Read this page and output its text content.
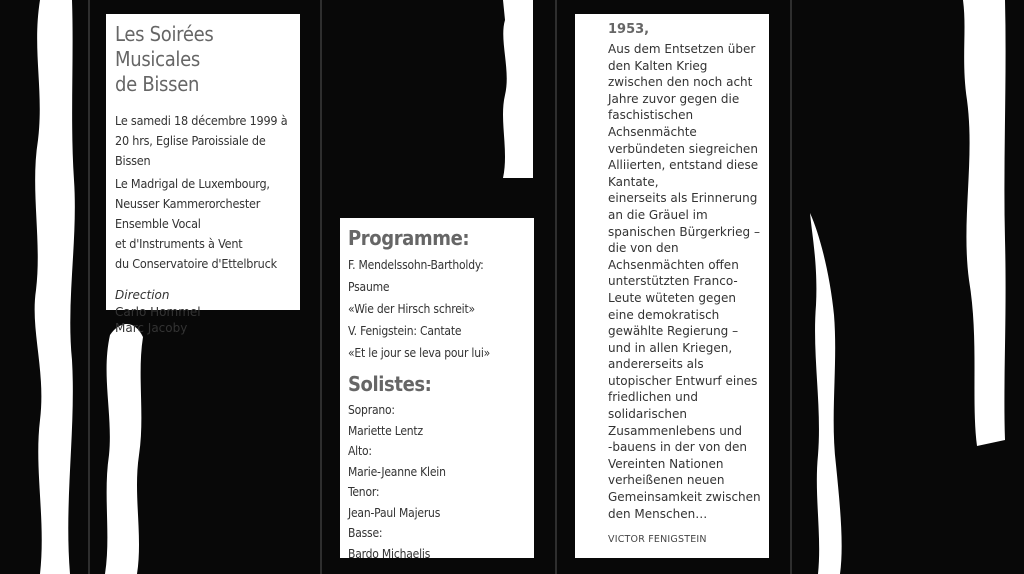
Les Soirées Musicales
de Bissen
Le samedi 18 décembre 1999 à
20 hrs, Eglise Paroissiale de Bissen
Le Madrigal de Luxembourg,
Neusser Kammerorchester
Ensemble Vocal
et d'Instruments à Vent
du Conservatoire d'Ettelbruck
Direction
Carlo Hommel
Marc Jacoby
Programme:
F. Mendelssohn-Bartholdy: Psaume
«Wie der Hirsch schreit»
V. Fenigstein: Cantate
«Et le jour se leva pour lui»
Solistes:
Soprano:
Mariette Lentz
Alto:
Marie-Jeanne Klein
Tenor:
Jean-Paul Majerus
Basse:
Bardo Michaelis
1953,
Aus dem Entsetzen über
den Kalten Krieg
zwischen den noch acht
Jahre zuvor gegen die
faschistischen
Achsenmächte
verbündeten siegreichen
Alliierten, entstand diese
Kantate,
einerseits als Erinnerung
an die Gräuel im
spanischen Bürgerkrieg –
die von den
Achsenmächten offen
unterstützten Franco-
Leute wüteten gegen
eine demokratisch
gewählte Regierung –
und in allen Kriegen,
andererseits als
utopischer Entwurf eines
friedlichen und
solidarischen
Zusammenlebens und
-bauens in der von den
Vereinten Nationen
verheißenen neuen
Gemeinsamkeit zwischen
den Menschen…
VICTOR FENIGSTEIN
